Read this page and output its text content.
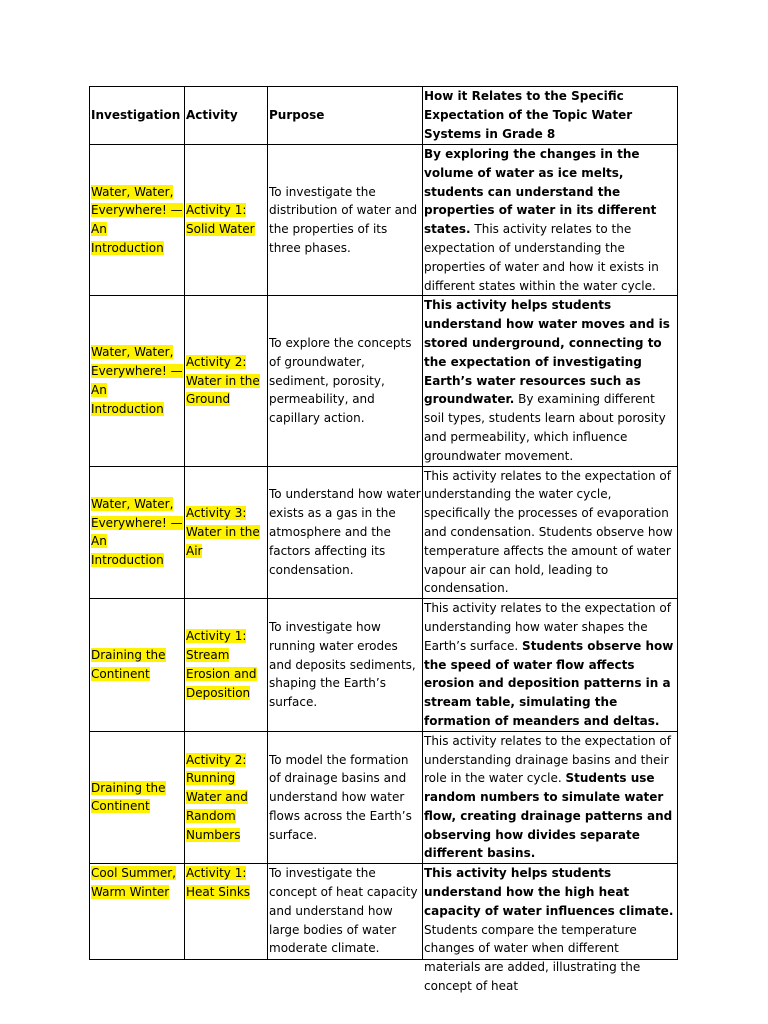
Investigation	Activity	Purpose	How it Relates to the Specific Expectation of the Topic Water Systems in Grade 8
Water, Water, Everywhere! — An Introduction	Activity 1: Solid Water	To investigate the distribution of water and the properties of its three phases.	By exploring the changes in the volume of water as ice melts, students can understand the properties of water in its different states. This activity relates to the expectation of understanding the properties of water and how it exists in different states within the water cycle.
Water, Water, Everywhere! — An Introduction	Activity 2: Water in the Ground	To explore the concepts of groundwater, sediment, porosity, permeability, and capillary action.	This activity helps students understand how water moves and is stored underground, connecting to the expectation of investigating Earth’s water resources such as groundwater. By examining different soil types, students learn about porosity and permeability, which influence groundwater movement.
Water, Water, Everywhere! — An Introduction	Activity 3: Water in the Air	To understand how water exists as a gas in the atmosphere and the factors affecting its condensation.	This activity relates to the expectation of understanding the water cycle, specifically the processes of evaporation and condensation. Students observe how temperature affects the amount of water vapour air can hold, leading to condensation.
Draining the Continent	Activity 1: Stream Erosion and Deposition	To investigate how running water erodes and deposits sediments, shaping the Earth’s surface.	This activity relates to the expectation of understanding how water shapes the Earth’s surface. Students observe how the speed of water flow affects erosion and deposition patterns in a stream table, simulating the formation of meanders and deltas.
Draining the Continent	Activity 2: Running Water and Random Numbers	To model the formation of drainage basins and understand how water flows across the Earth’s surface.	This activity relates to the expectation of understanding drainage basins and their role in the water cycle. Students use random numbers to simulate water flow, creating drainage patterns and observing how divides separate different basins.
Cool Summer, Warm Winter	Activity 1: Heat Sinks	To investigate the concept of heat capacity and understand how large bodies of water moderate climate.	This activity helps students understand how the high heat capacity of water influences climate. Students compare the temperature changes of water when different materials are added, illustrating the concept of heat
